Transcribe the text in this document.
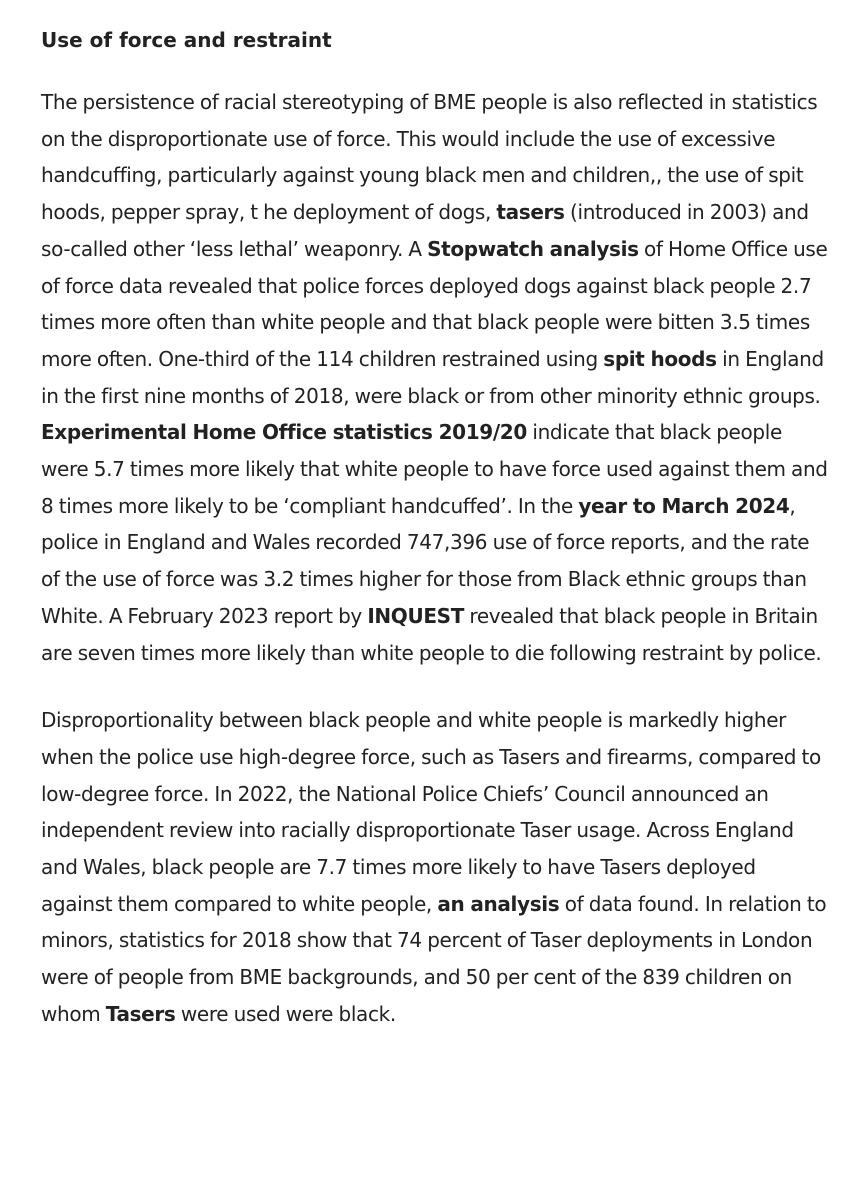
Use of force and restraint

The persistence of racial stereotyping of BME people is also reflected in statistics on the disproportionate use of force. This would include the use of excessive handcuffing, particularly against young black men and children,, the use of spit hoods, pepper spray, t he deployment of dogs, tasers (introduced in 2003) and so-called other ‘less lethal’ weaponry. A Stopwatch analysis of Home Office use of force data revealed that police forces deployed dogs against black people 2.7 times more often than white people and that black people were bitten 3.5 times more often. One-third of the 114 children restrained using spit hoods in England in the first nine months of 2018, were black or from other minority ethnic groups. Experimental Home Office statistics 2019/20 indicate that black people were 5.7 times more likely that white people to have force used against them and 8 times more likely to be ‘compliant handcuffed’. In the year to March 2024, police in England and Wales recorded 747,396 use of force reports, and the rate of the use of force was 3.2 times higher for those from Black ethnic groups than White. A February 2023 report by INQUEST revealed that black people in Britain are seven times more likely than white people to die following restraint by police.

Disproportionality between black people and white people is markedly higher when the police use high-degree force, such as Tasers and firearms, compared to low-degree force. In 2022, the National Police Chiefs’ Council announced an independent review into racially disproportionate Taser usage. Across England and Wales, black people are 7.7 times more likely to have Tasers deployed against them compared to white people, an analysis of data found. In relation to minors, statistics for 2018 show that 74 percent of Taser deployments in London were of people from BME backgrounds, and 50 per cent of the 839 children on whom Tasers were used were black.
